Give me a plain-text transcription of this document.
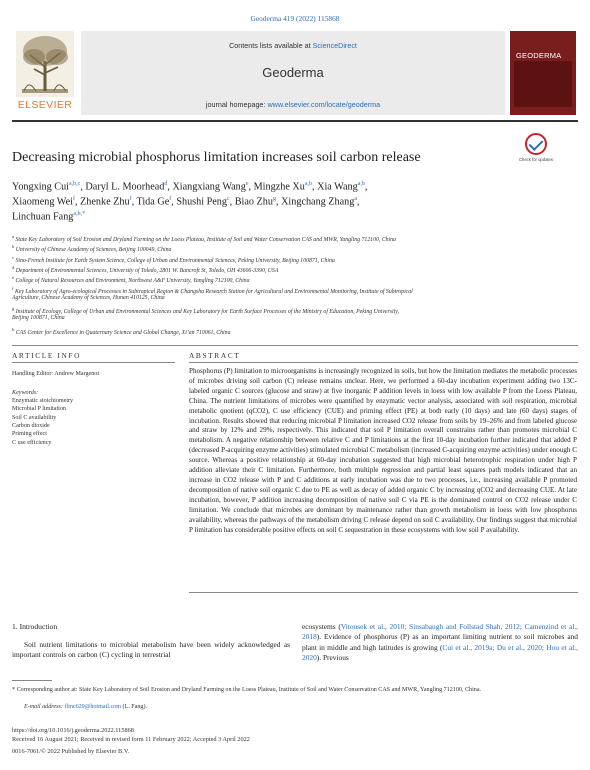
Geoderma 419 (2022) 115868
ELSEVIER
Contents lists available at ScienceDirect
Geoderma
journal homepage: www.elsevier.com/locate/geoderma
GEODERMA
Decreasing microbial phosphorus limitation increases soil carbon release	Check for updates
Yongxing Cui$^{a,b,c}$, Daryl L. Moorhead$^d$, Xiangxiang Wang$^e$, Mingzhe Xu$^{a,b}$, Xia Wang$^{a,b}$,
Xiaomeng Wei$^f$, Zhenke Zhu$^f$, Tida Ge$^f$, Shushi Peng$^c$, Biao Zhu$^g$, Xingchang Zhang$^a$,
Linchuan Fang$^{a,h,*}$
$^a$ State Key Laboratory of Soil Erosion and Dryland Farming on the Loess Plateau, Institute of Soil and Water Conservation CAS and MWR, Yangling 712100, China
$^b$ University of Chinese Academy of Sciences, Beijing 100049, China
$^c$ Sino-French Institute for Earth System Science, College of Urban and Environmental Sciences, Peking University, Beijing 100871, China
$^d$ Department of Environmental Sciences, University of Toledo, 2801 W. Bancroft St, Toledo, OH 43606-3390, USA
$^e$ College of Natural Resources and Environment, Northwest A&F University, Yangling 712100, China
$^f$ Key Laboratory of Agro-ecological Processes in Subtropical Region & Changsha Research Station for Agricultural and Environmental Monitoring, Institute of Subtropical
Agriculture, Chinese Academy of Sciences, Hunan 410125, China
$^g$ Institute of Ecology, College of Urban and Environmental Sciences and Key Laboratory for Earth Surface Processes of the Ministry of Education, Peking University,
Beijing 100871, China
$^h$ CAS Center for Excellence in Quaternary Science and Global Change, Xi’an 710061, China
ARTICLE INFO
Handling Editor: Andrew Margenot
Keywords:
Enzymatic stoichiometry
Microbial P limitation
Soil C availability
Carbon dioxide
Priming effect
C use efficiency
ABSTRACT
Phosphorus (P) limitation to microorganisms is increasingly recognized in soils, but how the limitation mediates the metabolic processes of microbes driving soil carbon (C) release remains unclear. Here, we performed a 60-day incubation experiment adding two 13C-labeled organic C sources (glucose and straw) at five inorganic P addition levels in loess with low available P from the Loess Plateau, China. The nutrient limitations of microbes were quantified by enzymatic vector analysis, associated with soil respiration, microbial metabolic quotient (qCO2), C use efficiency (CUE) and priming effect (PE) at both early (10 days) and late (60 days) stages of incubation. Results showed that reducing microbial P limitation increased CO2 release from soils by 19–26% and from labeled glucose and straw by 12% and 29%, respectively. This indicated that soil P limitation overall constrains rather than promotes microbial C metabolism. A negative relationship between relative C and P limitations at the first 10-day incubation further indicated that added P (decreased P-acquiring enzyme activities) stimulated microbial C metabolism (increased C-acquiring enzyme activities) under enough C source. Whereas a positive relationship at 60-day incubation suggested that high microbial heterotrophic respiration under high P addition alleviate their C limitation. Furthermore, both multiple regression and partial least squares path models indicated that an increase in CO2 release with P and C additions at early incubation was due to two processes, i.e., increasing available P promoted decomposition of native soil organic C due to PE as well as decay of added organic C by increasing qCO2 and decreasing CUE. At late incubation, however, P addition increasing decomposition of native soil C via PE is the dominated control on CO2 release under C limitation. We conclude that microbes are dominant by maintenance rather than growth metabolism in loess with low phosphorus availability, whereas the pathways of the metabolism driving C release depend on soil C availability. Our findings suggest that microbial P limitation has considerable positive effects on soil C sequestration in these ecosystems with low soil P availability.
1. Introduction
Soil nutrient limitations to microbial metabolism have been widely acknowledged as important controls on carbon (C) cycling in terrestrial
ecosystems (Vitousek et al., 2010; Sinsabaugh and Follstad Shah, 2012; Camenzind et al., 2018). Evidence of phosphorus (P) as an important limiting nutrient to soil microbes and plant in middle and high latitudes is growing (Cui et al., 2019a; Du et al., 2020; Hou et al., 2020). Previous
* Corresponding author at: State Key Laboratory of Soil Erosion and Dryland Farming on the Loess Plateau, Institute of Soil and Water Conservation CAS and MWR, Yangling 712100, China.
E-mail address: flinc629@hotmail.com (L. Fang).
https://doi.org/10.1016/j.geoderma.2022.115868
Received 16 August 2021; Received in revised form 11 February 2022; Accepted 3 April 2022
0016-7061/© 2022 Published by Elsevier B.V.
